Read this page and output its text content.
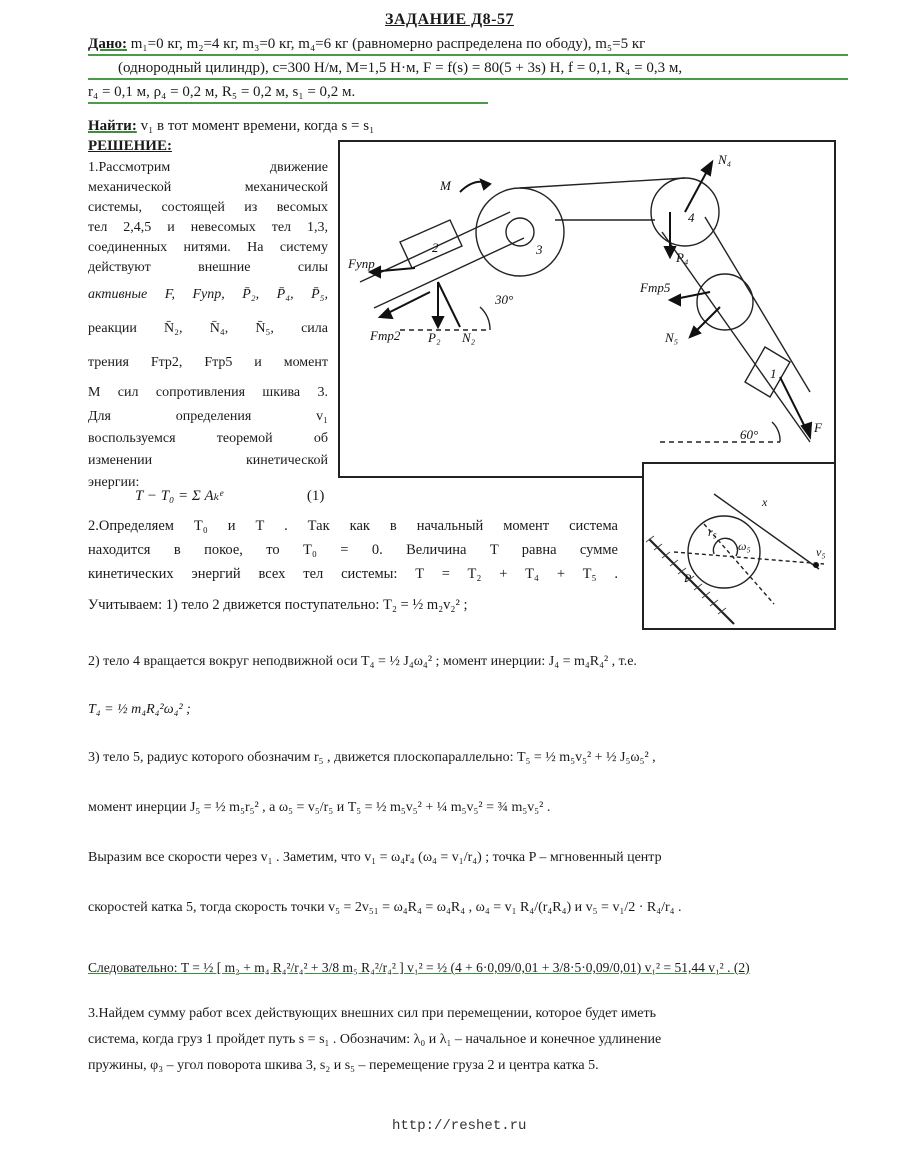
ЗАДАНИЕ Д8-57
Дано: m₁=0 кг, m₂=4 кг, m₃=0 кг, m₄=6 кг (равномерно распределена по ободу), m₅=5 кг
(однородный цилиндр), c=300 Н/м, M=1,5 Н·м, F = f(s) = 80(5 + 3s) Н, f = 0,1, R₄ = 0,3 м,
r₄ = 0,1 м, ρ₄ = 0,2 м, R₅ = 0,2 м, s₁ = 0,2 м.
Найти: v₁ в тот момент времени, когда s = s₁
РЕШЕНИЕ:
1.Рассмотрим движение
механической механической
системы, состоящей из весомых
тел 2,4,5 и невесомых тел 1,3,
соединенных нитями. На систему
действуют внешние силы
активные F, Fупр, P̄₂, P̄₄, P̄₅,
реакции N̄₂, N̄₄, N̄₅, сила
трения Fтр2, Fтр5 и момент
M сил сопротивления шкива 3.
Для определения v₁
воспользуемся теоремой об
изменении кинетической
энергии:
T − T₀ = Σ Aₖᵉ	(1)
M
3
4
2
1
F
60°
30°
Fупр
P₂ N₂
Fтр2
N₄
P₄
Fтр5
N₅
v₅
ω₅
x
r₅
P
2.Определяем T₀ и T . Так как в начальный момент система
находится в покое, то T₀ = 0. Величина T равна сумме
кинетических энергий всех тел системы: T = T₂ + T₄ + T₅ .
Учитываем: 1) тело 2 движется поступательно: T₂ = ½ m₂v₂² ;
2) тело 4 вращается вокруг неподвижной оси T₄ = ½ J₄ω₄² ; момент инерции: J₄ = m₄R₄² , т.е.
T₄ = ½ m₄R₄²ω₄² ;
3) тело 5, радиус которого обозначим r₅ , движется плоскопараллельно: T₅ = ½ m₅v₅² + ½ J₅ω₅² ,
момент инерции J₅ = ½ m₅r₅² , а ω₅ = v₅/r₅ и T₅ = ½ m₅v₅² + ¼ m₅v₅² = ¾ m₅v₅² .
Выразим все скорости через v₁ . Заметим, что v₁ = ω₄r₄ (ω₄ = v₁/r₄) ; точка P – мгновенный центр
скоростей катка 5, тогда скорость точки v₅ = 2v₅₁ = ω₄R₄ = ω₄R₄ , ω₄ = v₁ R₄/(r₄R₄) и v₅ = v₁/2 · R₄/r₄ .
Следовательно: T = ½ [ m₂ + m₄ R₄²/r₄² + 3/8 m₅ R₄²/r₄² ] v₁² = ½ (4 + 6·0,09/0,01 + 3/8·5·0,09/0,01) v₁² = 51,44 v₁² . (2)
3.Найдем сумму работ всех действующих внешних сил при перемещении, которое будет иметь
система, когда груз 1 пройдет путь s = s₁ . Обозначим: λ₀ и λ₁ – начальное и конечное удлинение
пружины, φ₃ – угол поворота шкива 3, s₂ и s₅ – перемещение груза 2 и центра катка 5.
http://reshet.ru
